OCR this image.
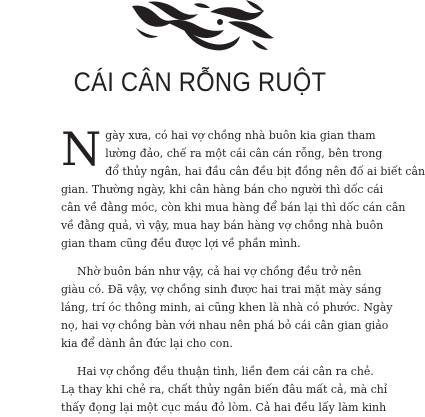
CÁI CÂN RỖNG RUỘT
N gày xưa, có hai vợ chồng nhà buôn kia gian tham
lường đảo, chế ra một cái cân cán rỗng, bên trong
đổ thủy ngân, hai đầu cân đều bịt đồng nên đố ai biết cân
gian. Thường ngày, khi cân hàng bán cho người thì dốc cái
cân về đằng móc, còn khi mua hàng để bán lại thì dốc cán cân
về đằng quả, vì vậy, mua hay bán hàng vợ chồng nhà buôn
gian tham cũng đều được lợi về phần mình.
Nhờ buôn bán như vậy, cả hai vợ chồng đều trở nên
giàu có. Đã vậy, vợ chồng sinh được hai trai mặt mày sáng
láng, trí óc thông minh, ai cũng khen là nhà có phước. Ngày
nọ, hai vợ chồng bàn với nhau nên phá bỏ cái cân gian giảo
kia để dành ân đức lại cho con.
Hai vợ chồng đều thuận tình, liền đem cái cân ra chẻ.
Lạ thay khi chẻ ra, chất thủy ngân biến đâu mất cả, mà chỉ
thấy đọng lại một cục máu đỏ lòm. Cả hai đều lấy làm kinh
